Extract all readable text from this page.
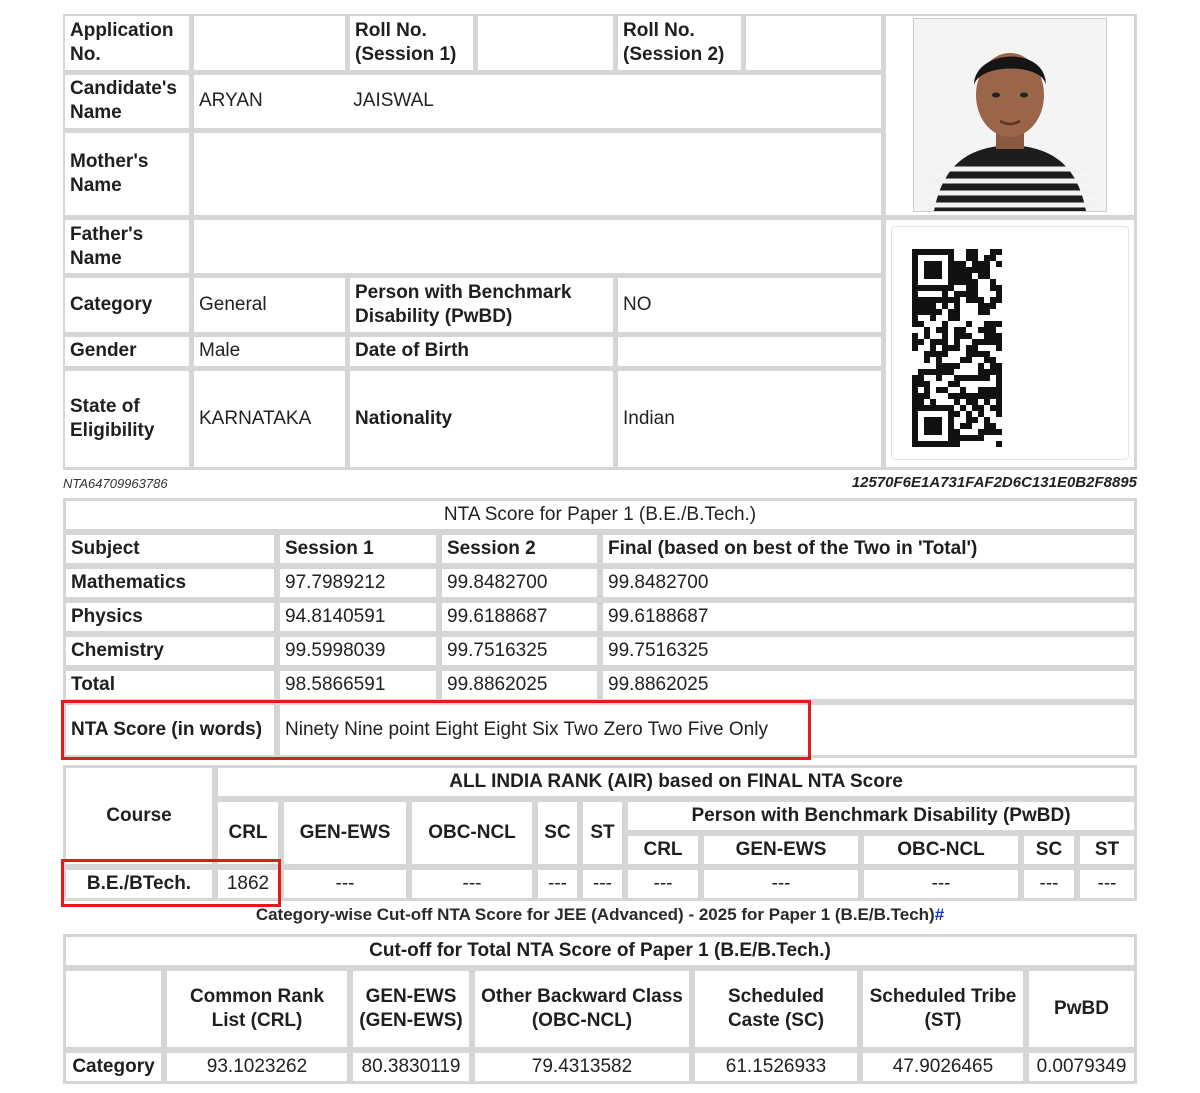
Application No.		Roll No. (Session 1)		Roll No. (Session 2)		

Candidate's Name	ARYAN JAISWAL					
Mother's Name						
Father's Name		

Category	General	Person with Benchmark Disability (PwBD)		NO		
Gender	Male	Date of Birth				
State of Eligibility	KARNATAKA	Nationality		Indian		
NTA64709963786	12570F6E1A731FAF2D6C131E0B2F8895
NTA Score for Paper 1 (B.E./B.Tech.)			
Subject	Session 1	Session 2	Final (based on best of the Two in 'Total')
Mathematics	97.7989212	99.8482700	99.8482700
Physics	94.8140591	99.6188687	99.6188687
Chemistry	99.5998039	99.7516325	99.7516325
Total	98.5866591	99.8862025	99.8862025
NTA Score (in words)	Ninety Nine point Eight Eight Six Two Zero Two Five Only		
Course	ALL INDIA RANK (AIR) based on FINAL NTA Score									
	CRL	GEN-EWS	OBC-NCL	SC	ST	Person with Benchmark Disability (PwBD)				
						CRL	GEN-EWS	OBC-NCL	SC	ST
B.E./BTech.	1862	---	---	---	---	---	---	---	---	---
Category-wise Cut-off NTA Score for JEE (Advanced) - 2025 for Paper 1 (B.E/B.Tech)#
Cut-off for Total NTA Score of Paper 1 (B.E/B.Tech.)						
	Common Rank List (CRL)	GEN-EWS (GEN-EWS)	Other Backward Class (OBC-NCL)	Scheduled Caste (SC)	Scheduled Tribe (ST)	PwBD
Category	93.1023262	80.3830119	79.4313582	61.1526933	47.9026465	0.0079349
